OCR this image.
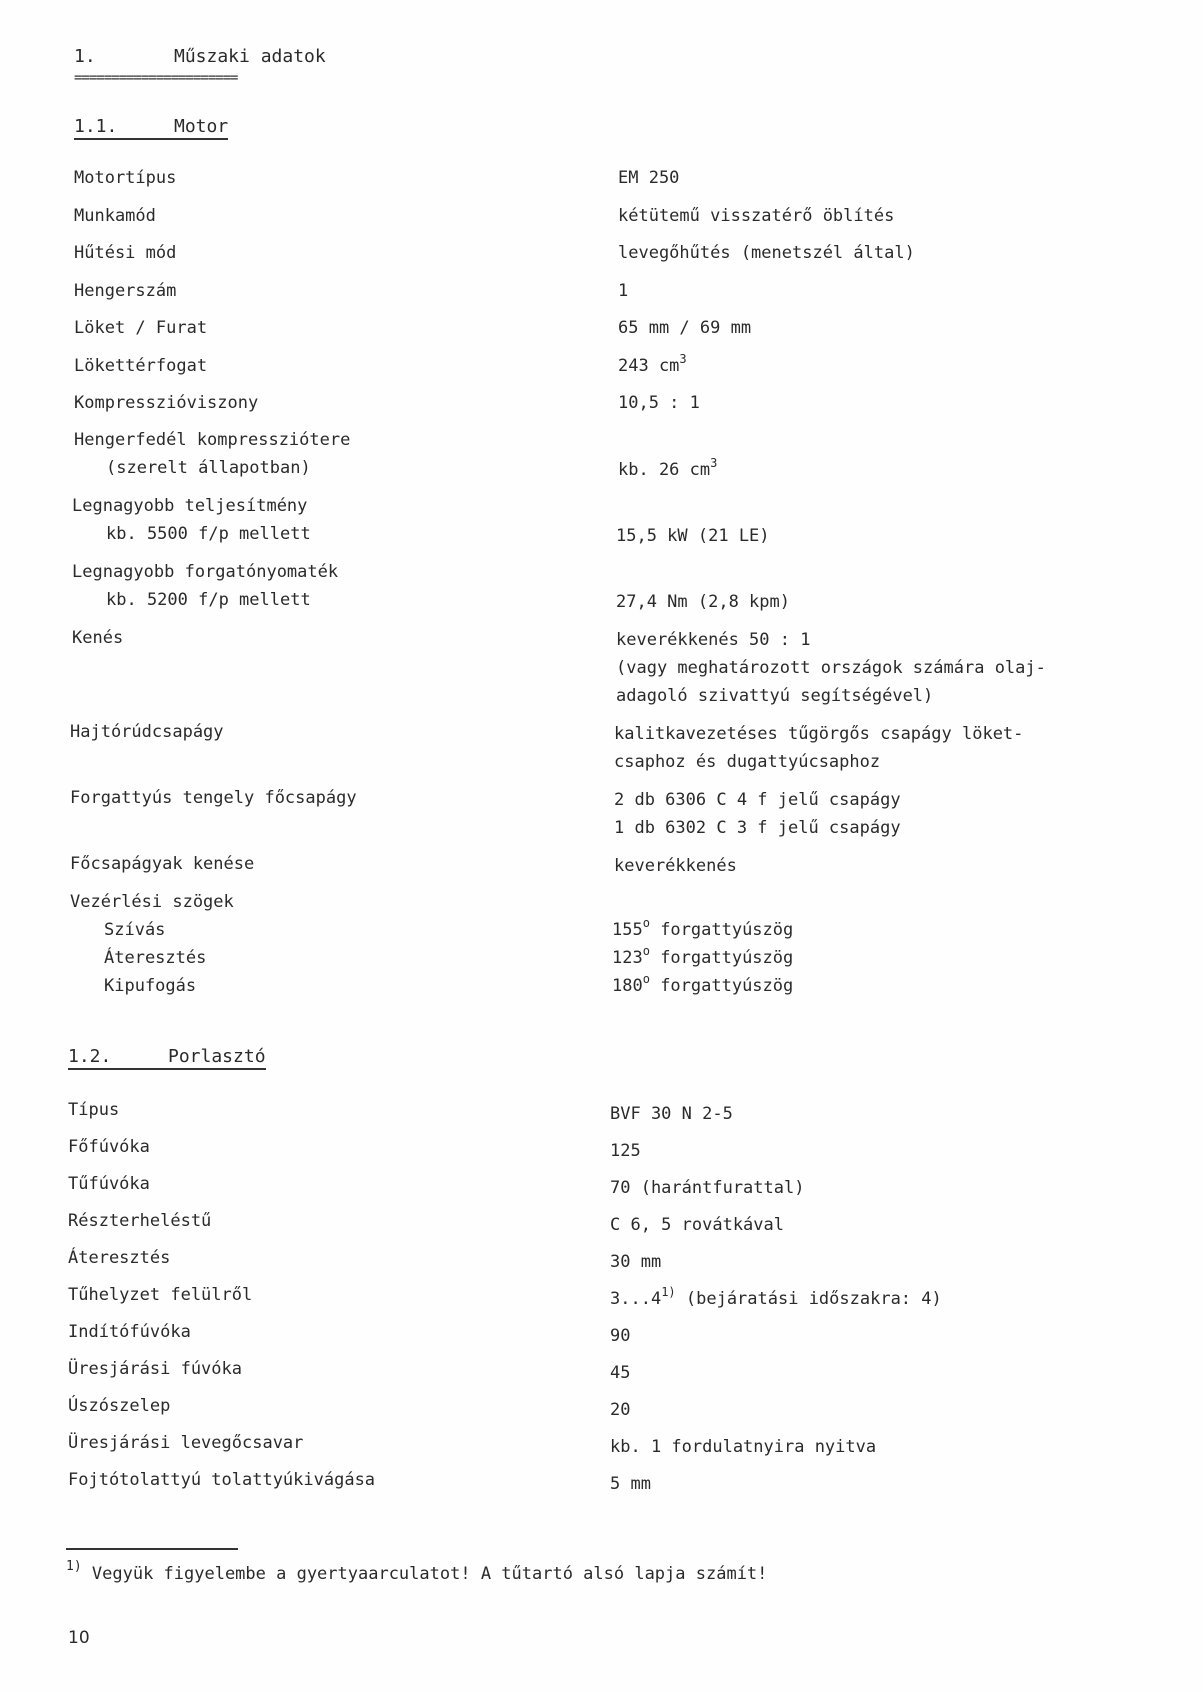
1.	Műszaki adatok
======================
1.1.	Motor
Motortípus	EM 250
Munkamód	kétütemű visszatérő öblítés
Hűtési mód	levegőhűtés (menetszél által)
Hengerszám	1
Löket / Furat	65 mm / 69 mm
Lökettérfogat	243 $cm^3$
Kompresszióviszony	10,5 : 1
Hengerfedél kompressziótere
(szerelt állapotban)	kb. 26 $cm^3$
Legnagyobb teljesítmény
kb. 5500 f/p mellett	15,5 kW (21 LE)
Legnagyobb forgatónyomaték
kb. 5200 f/p mellett	27,4 Nm (2,8 kpm)
Kenés	keverékkenés 50 : 1
(vagy meghatározott országok számára olaj-
adagoló szivattyú segítségével)
Hajtórúdcsapágy	kalitkavezetéses tűgörgős csapágy löket-
csaphoz és dugattyúcsaphoz
Forgattyús tengely főcsapágy	2 db 6306 C 4 f jelű csapágy
1 db 6302 C 3 f jelű csapágy
Főcsapágyak kenése	keverékkenés
Vezérlési szögek
Szívás	155$^o$ forgattyúszög
Áteresztés	123$^o$ forgattyúszög
Kipufogás	180$^o$ forgattyúszög
1.2.	Porlasztó
Típus	BVF 30 N 2-5
Főfúvóka	125
Tűfúvóka	70 (harántfurattal)
Részterheléstű	C 6, 5 rovátkával
Áteresztés	30 mm
Tűhelyzet felülről	3...4$^{1)}$ (bejáratási időszakra: 4)
Indítófúvóka	90
Üresjárási fúvóka	45
Úszószelep	20
Üresjárási levegőcsavar	kb. 1 fordulatnyira nyitva
Fojtótolattyú tolattyúkivágása	5 mm
$^{1)}$ Vegyük figyelembe a gyertyaarculatot! A tűtartó alsó lapja számít!
10
